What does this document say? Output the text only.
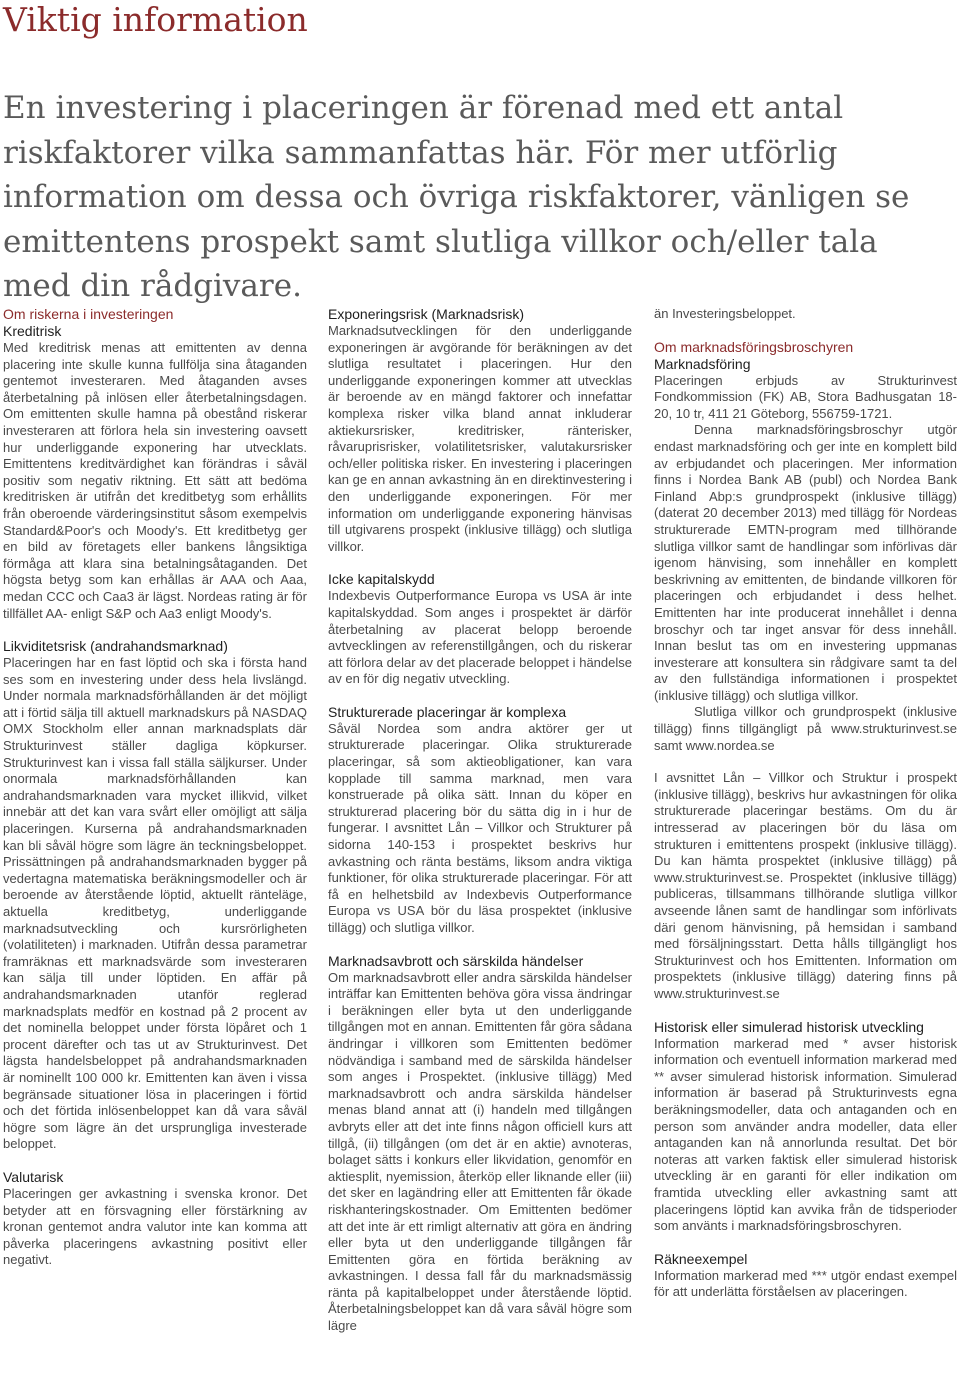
Viktig information

En investering i placeringen är förenad med ett antal riskfaktorer vilka sammanfattas här. För mer utförlig information om dessa och övriga riskfaktorer, vänligen se emittentens prospekt samt slutliga villkor och/eller tala med din rådgivare.

Om riskerna i investeringen
Kreditrisk

Med kreditrisk menas att emittenten av denna placering inte skulle kunna fullfölja sina åtaganden gentemot investeraren. Med åtaganden avses återbetalning på inlösen eller återbetalningsdagen. Om emittenten skulle hamna på obestånd riskerar investeraren att förlora hela sin investering oavsett hur underliggande exponering har utvecklats. Emittentens kreditvärdighet kan förändras i såväl positiv som negativ riktning. Ett sätt att bedöma kreditrisken är utifrån det kreditbetyg som erhållits från oberoende värderingsinstitut såsom exempelvis Standard&Poor's och Moody's. Ett kreditbetyg ger en bild av företagets eller bankens långsiktiga förmåga att klara sina betalningsåtaganden. Det högsta betyg som kan erhållas är AAA och Aaa, medan CCC och Caa3 är lägst. Nordeas rating är för tillfället AA- enligt S&P och Aa3 enligt Moody's.

Likviditetsrisk (andrahandsmarknad)

Placeringen har en fast löptid och ska i första hand ses som en investering under dess hela livslängd. Under normala marknadsförhållanden är det möjligt att i förtid sälja till aktuell marknadskurs på NASDAQ OMX Stockholm eller annan marknadsplats där Strukturinvest ställer dagliga köpkurser. Strukturinvest kan i vissa fall ställa säljkurser. Under onormala marknadsförhållanden kan andrahandsmarknaden vara mycket illikvid, vilket innebär att det kan vara svårt eller omöjligt att sälja placeringen. Kurserna på andrahandsmarknaden kan bli såväl högre som lägre än teckningsbeloppet. Prissättningen på andrahandsmarknaden bygger på vedertagna matematiska beräkningsmodeller och är beroende av återstående löptid, aktuellt ränteläge, aktuella kreditbetyg, underliggande marknadsutveckling och kursrörligheten (volatiliteten) i marknaden. Utifrån dessa parametrar framräknas ett marknadsvärde som investeraren kan sälja till under löptiden. En affär på andrahandsmarknaden utanför reglerad marknadsplats medför en kostnad på 2 procent av det nominella beloppet under första löpåret och 1 procent därefter och tas ut av Strukturinvest. Det lägsta handelsbeloppet på andrahandsmarknaden är nominellt 100 000 kr. Emittenten kan även i vissa begränsade situationer lösa in placeringen i förtid och det förtida inlösenbeloppet kan då vara såväl högre som lägre än det ursprungliga investerade beloppet.

Valutarisk

Placeringen ger avkastning i svenska kronor. Det betyder att en försvagning eller förstärkning av kronan gentemot andra valutor inte kan komma att påverka placeringens avkastning positivt eller negativt.

Exponeringsrisk (Marknadsrisk)

Marknadsutvecklingen för den underliggande exponeringen är avgörande för beräkningen av det slutliga resultatet i placeringen. Hur den underliggande exponeringen kommer att utvecklas är beroende av en mängd faktorer och innefattar komplexa risker vilka bland annat inkluderar aktiekursrisker, kreditrisker, ränterisker, råvaruprisrisker, volatilitetsrisker, valutakursrisker och/eller politiska risker. En investering i placeringen kan ge en annan avkastning än en direktinvestering i den underliggande exponeringen. För mer information om underliggande exponering hänvisas till utgivarens prospekt (inklusive tillägg) och slutliga villkor.

Icke kapitalskydd

Indexbevis Outperformance Europa vs USA är inte kapitalskyddad. Som anges i prospektet är därför återbetalning av placerat belopp beroende avtvecklingen av referenstillgången, och du riskerar att förlora delar av det placerade beloppet i händelse av en för dig negativ utveckling.

Strukturerade placeringar är komplexa

Såväl Nordea som andra aktörer ger ut strukturerade placeringar. Olika strukturerade placeringar, så som aktieobligationer, kan vara kopplade till samma marknad, men vara konstruerade på olika sätt. Innan du köper en strukturerad placering bör du sätta dig in i hur de fungerar. I avsnittet Lån – Villkor och Strukturer på sidorna 140-153 i prospektet beskrivs hur avkastning och ränta bestäms, liksom andra viktiga funktioner, för olika strukturerade placeringar. För att få en helhetsbild av Indexbevis Outperformance Europa vs USA bör du läsa prospektet (inklusive tillägg) och slutliga villkor.

Marknadsavbrott och särskilda händelser

Om marknadsavbrott eller andra särskilda händelser inträffar kan Emittenten behöva göra vissa ändringar i beräkningen eller byta ut den underliggande tillgången mot en annan. Emittenten får göra sådana ändringar i villkoren som Emittenten bedömer nödvändiga i samband med de särskilda händelser som anges i Prospektet. (inklusive tillägg) Med marknadsavbrott och andra särskilda händelser menas bland annat att (i) handeln med tillgången avbryts eller att det inte finns någon officiell kurs att tillgå, (ii) tillgången (om det är en aktie) avnoteras, bolaget sätts i konkurs eller likvidation, genomför en aktiesplit, nyemission, återköp eller liknande eller (iii) det sker en lagändring eller att Emittenten får ökade riskhanteringskostnader. Om Emittenten bedömer att det inte är ett rimligt alternativ att göra en ändring eller byta ut den underliggande tillgången får Emittenten göra en förtida beräkning av avkastningen. I dessa fall får du marknadsmässig ränta på kapitalbeloppet under återstående löptid. Återbetalningsbeloppet kan då vara såväl högre som lägre

än Investeringsbeloppet.

Om marknadsföringsbroschyren
Marknadsföring

Placeringen erbjuds av Strukturinvest Fondkommission (FK) AB, Stora Badhusgatan 18-20, 10 tr, 411 21 Göteborg, 556759-1721.

Denna marknadsföringsbroschyr utgör endast marknadsföring och ger inte en komplett bild av erbjudandet och placeringen. Mer information finns i Nordea Bank AB (publ) och Nordea Bank Finland Abp:s grundprospekt (inklusive tillägg) (daterat 20 december 2013) med tillägg för Nordeas strukturerade EMTN-program med tillhörande slutliga villkor samt de handlingar som införlivas där igenom hänvising, som innehåller en komplett beskrivning av emittenten, de bindande villkoren för placeringen och erbjudandet i dess helhet. Emittenten har inte producerat innehållet i denna broschyr och tar inget ansvar för dess innehåll. Innan beslut tas om en investering uppmanas investerare att konsultera sin rådgivare samt ta del av den fullständiga informationen i prospektet (inklusive tillägg) och slutliga villkor.

Slutliga villkor och grundprospekt (inklusive tillägg) finns tillgängligt på www.strukturinvest.se samt www.nordea.se

I avsnittet Lån – Villkor och Struktur i prospekt (inklusive tillägg), beskrivs hur avkastningen för olika strukturerade placeringar bestäms. Om du är intresserad av placeringen bör du läsa om strukturen i emittentens prospekt (inklusive tillägg). Du kan hämta prospektet (inklusive tillägg) på www.strukturinvest.se. Prospektet (inklusive tillägg) publiceras, tillsammans tillhörande slutliga villkor avseende lånen samt de handlingar som införlivats däri genom hänvisning, på hemsidan i samband med försäljningsstart. Detta hålls tillgängligt hos Strukturinvest och hos Emittenten. Information om prospektets (inklusive tillägg) datering finns på www.strukturinvest.se

Historisk eller simulerad historisk utveckling

Information markerad med * avser historisk information och eventuell information markerad med ** avser simulerad historisk information. Simulerad information är baserad på Strukturinvests egna beräkningsmodeller, data och antaganden och en person som använder andra modeller, data eller antaganden kan nå annorlunda resultat. Det bör noteras att varken faktisk eller simulerad historisk utveckling är en garanti för eller indikation om framtida utveckling eller avkastning samt att placeringens löptid kan avvika från de tidsperioder som använts i marknadsföringsbroschyren.

Räkneexempel

Information markerad med *** utgör endast exempel för att underlätta förståelsen av placeringen.
